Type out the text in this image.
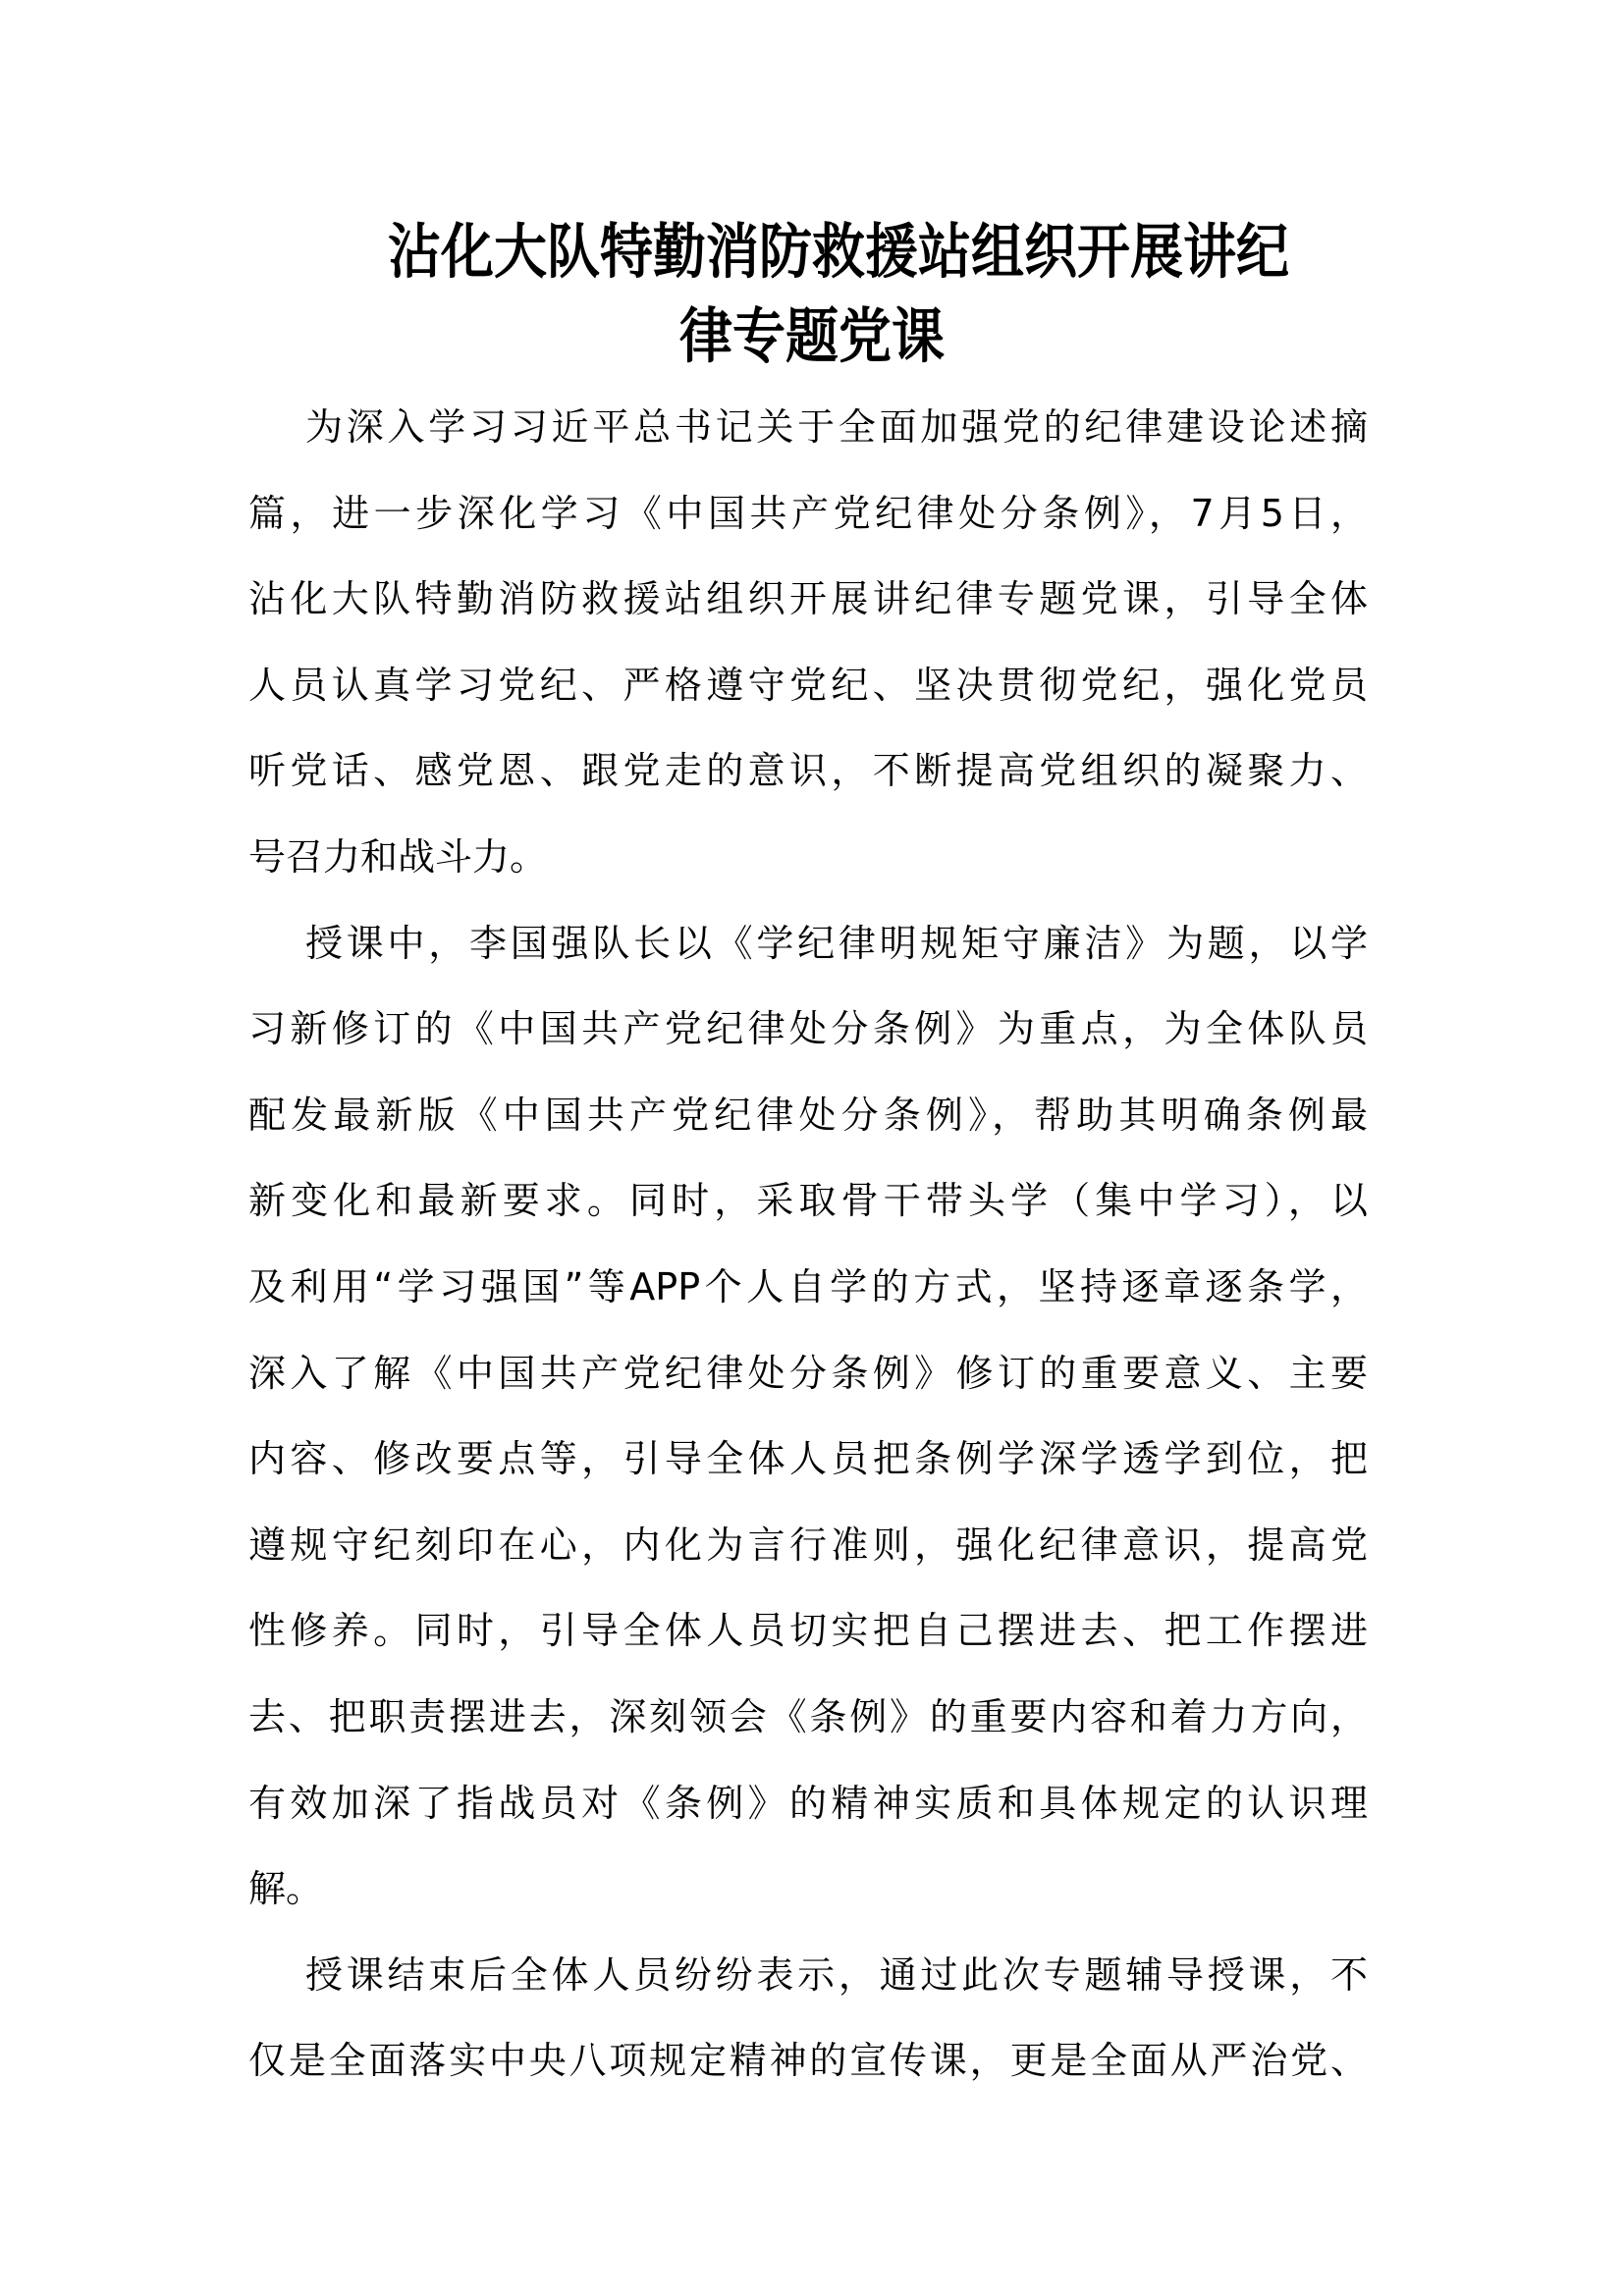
沾化大队特勤消防救援站组织开展讲纪
律专题党课
为深入学习习近平总书记关于全面加强党的纪律建设论述摘
篇，进一步深化学习《中国共产党纪律处分条例》，7月5日，
沾化大队特勤消防救援站组织开展讲纪律专题党课，引导全体
人员认真学习党纪、严格遵守党纪、坚决贯彻党纪，强化党员
听党话、感党恩、跟党走的意识，不断提高党组织的凝聚力、
号召力和战斗力。
授课中，李国强队长以《学纪律明规矩守廉洁》为题，以学
习新修订的《中国共产党纪律处分条例》为重点，为全体队员
配发最新版《中国共产党纪律处分条例》，帮助其明确条例最
新变化和最新要求。同时，采取骨干带头学（集中学习），以
及利用“学习强国”等APP个人自学的方式，坚持逐章逐条学，
深入了解《中国共产党纪律处分条例》修订的重要意义、主要
内容、修改要点等，引导全体人员把条例学深学透学到位，把
遵规守纪刻印在心，内化为言行准则，强化纪律意识，提高党
性修养。同时，引导全体人员切实把自己摆进去、把工作摆进
去、把职责摆进去，深刻领会《条例》的重要内容和着力方向，
有效加深了指战员对《条例》的精神实质和具体规定的认识理
解。
授课结束后全体人员纷纷表示，通过此次专题辅导授课，不
仅是全面落实中央八项规定精神的宣传课，更是全面从严治党、
